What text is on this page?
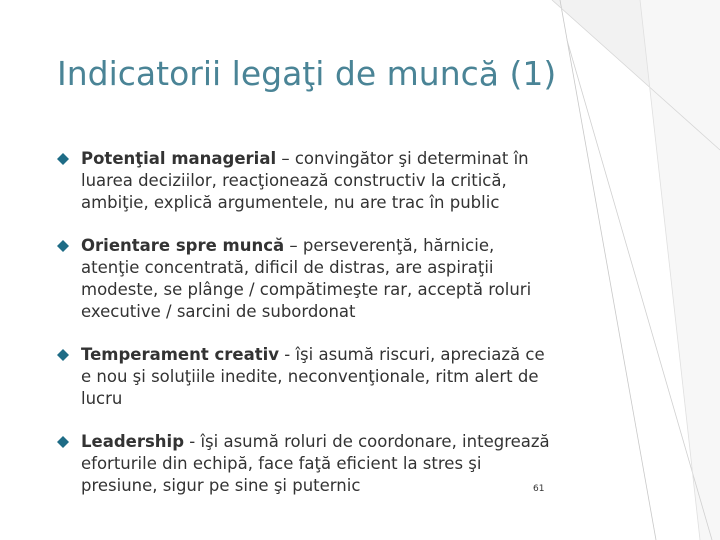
Indicatorii legaţi de muncă (1)
Potenţial managerial – convingător şi determinat în luarea deciziilor, reacţionează constructiv la critică, ambiţie, explică argumentele, nu are trac în public
Orientare spre muncă – perseverenţă, hărnicie, atenţie concentrată, dificil de distras, are aspiraţii modeste, se plânge / compătimeşte rar, acceptă roluri executive / sarcini de subordonat
Temperament creativ - îşi asumă riscuri, apreciază ce e nou şi soluţiile inedite, neconvenţionale, ritm alert de lucru
Leadership - îşi asumă roluri de coordonare, integrează eforturile din echipă, face faţă eficient la stres şi presiune, sigur pe sine şi puternic	61
